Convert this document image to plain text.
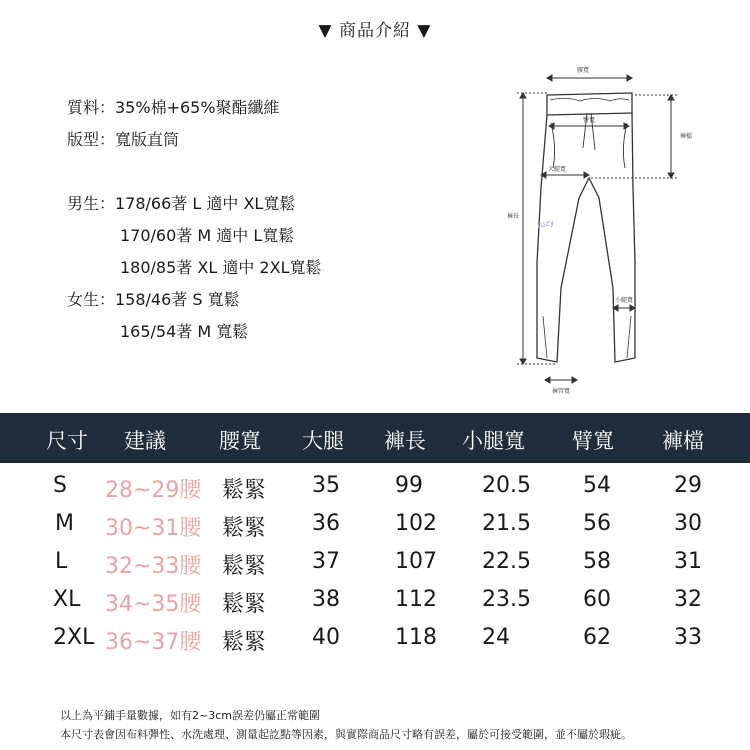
▼ 商品介紹 ▼
質料：35%棉+65%聚酯纖維
版型：寬版直筒
男生：178/66著 L 適中 XL寬鬆
170/60著 M 適中 L寬鬆
180/85著 XL 適中 2XL寬鬆
女生：158/46著 S 寬鬆
165/54著 M 寬鬆
腰寬
臀寬
大腿寬
褲檔
褲長
小腿寬
褲管寬
fuzy
尺寸 建議	腰寬 大腿 褲長 小腿寬 臂寬 褲檔
S 28~29腰 鬆緊 35	99	20.5 54	29
M 30~31腰 鬆緊 36	102 21.5 56	30
L 32~33腰 鬆緊 37	107 22.5 58	31
XL 34~35腰 鬆緊 38	112 23.5 60	32
2XL 36~37腰 鬆緊 40	118 24	62	33
以上為平鋪手量數據，如有2~3cm誤差仍屬正常範圍
本尺寸表會因布料彈性、水洗處理、測量起訖點等因素，與實際商品尺寸略有誤差，屬於可接受範圍，並不屬於瑕疵。
